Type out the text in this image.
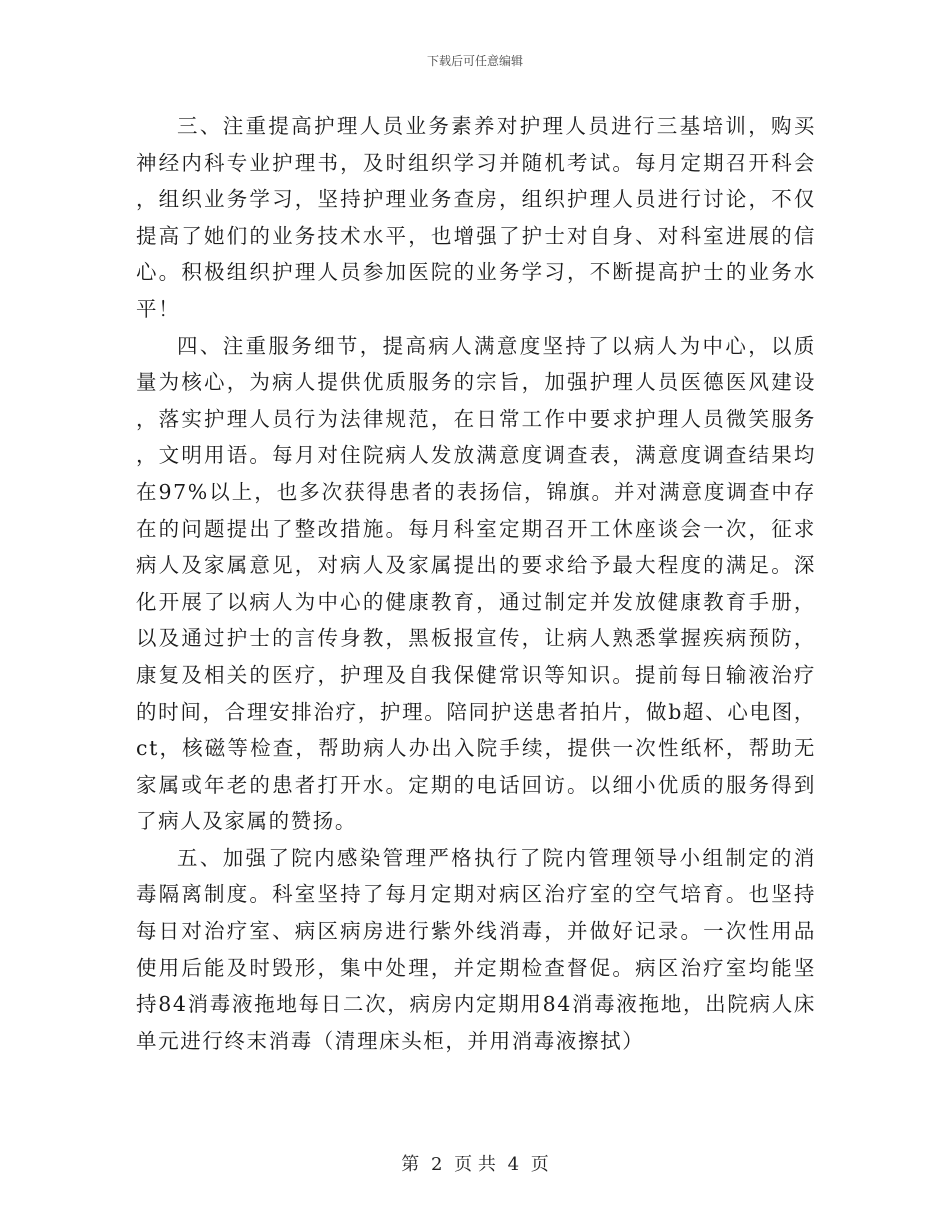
下载后可任意编辑

三、注重提高护理人员业务素养对护理人员进行三基培训，购买神经内科专业护理书，及时组织学习并随机考试。每月定期召开科会，组织业务学习，坚持护理业务查房，组织护理人员进行讨论，不仅提高了她们的业务技术水平，也增强了护士对自身、对科室进展的信心。积极组织护理人员参加医院的业务学习，不断提高护士的业务水平！

四、注重服务细节，提高病人满意度坚持了以病人为中心，以质量为核心，为病人提供优质服务的宗旨，加强护理人员医德医风建设，落实护理人员行为法律规范，在日常工作中要求护理人员微笑服务，文明用语。每月对住院病人发放满意度调查表，满意度调查结果均在97%以上，也多次获得患者的表扬信，锦旗。并对满意度调查中存在的问题提出了整改措施。每月科室定期召开工休座谈会一次，征求病人及家属意见，对病人及家属提出的要求给予最大程度的满足。深化开展了以病人为中心的健康教育，通过制定并发放健康教育手册，以及通过护士的言传身教，黑板报宣传，让病人熟悉掌握疾病预防，康复及相关的医疗，护理及自我保健常识等知识。提前每日输液治疗的时间，合理安排治疗，护理。陪同护送患者拍片，做b超、心电图，ct，核磁等检查，帮助病人办出入院手续，提供一次性纸杯，帮助无家属或年老的患者打开水。定期的电话回访。以细小优质的服务得到了病人及家属的赞扬。

五、加强了院内感染管理严格执行了院内管理领导小组制定的消毒隔离制度。科室坚持了每月定期对病区治疗室的空气培育。也坚持每日对治疗室、病区病房进行紫外线消毒，并做好记录。一次性用品使用后能及时毁形，集中处理，并定期检查督促。病区治疗室均能坚持84消毒液拖地每日二次，病房内定期用84消毒液拖地，出院病人床单元进行终末消毒（清理床头柜，并用消毒液擦拭）

第 2 页 共 4 页
